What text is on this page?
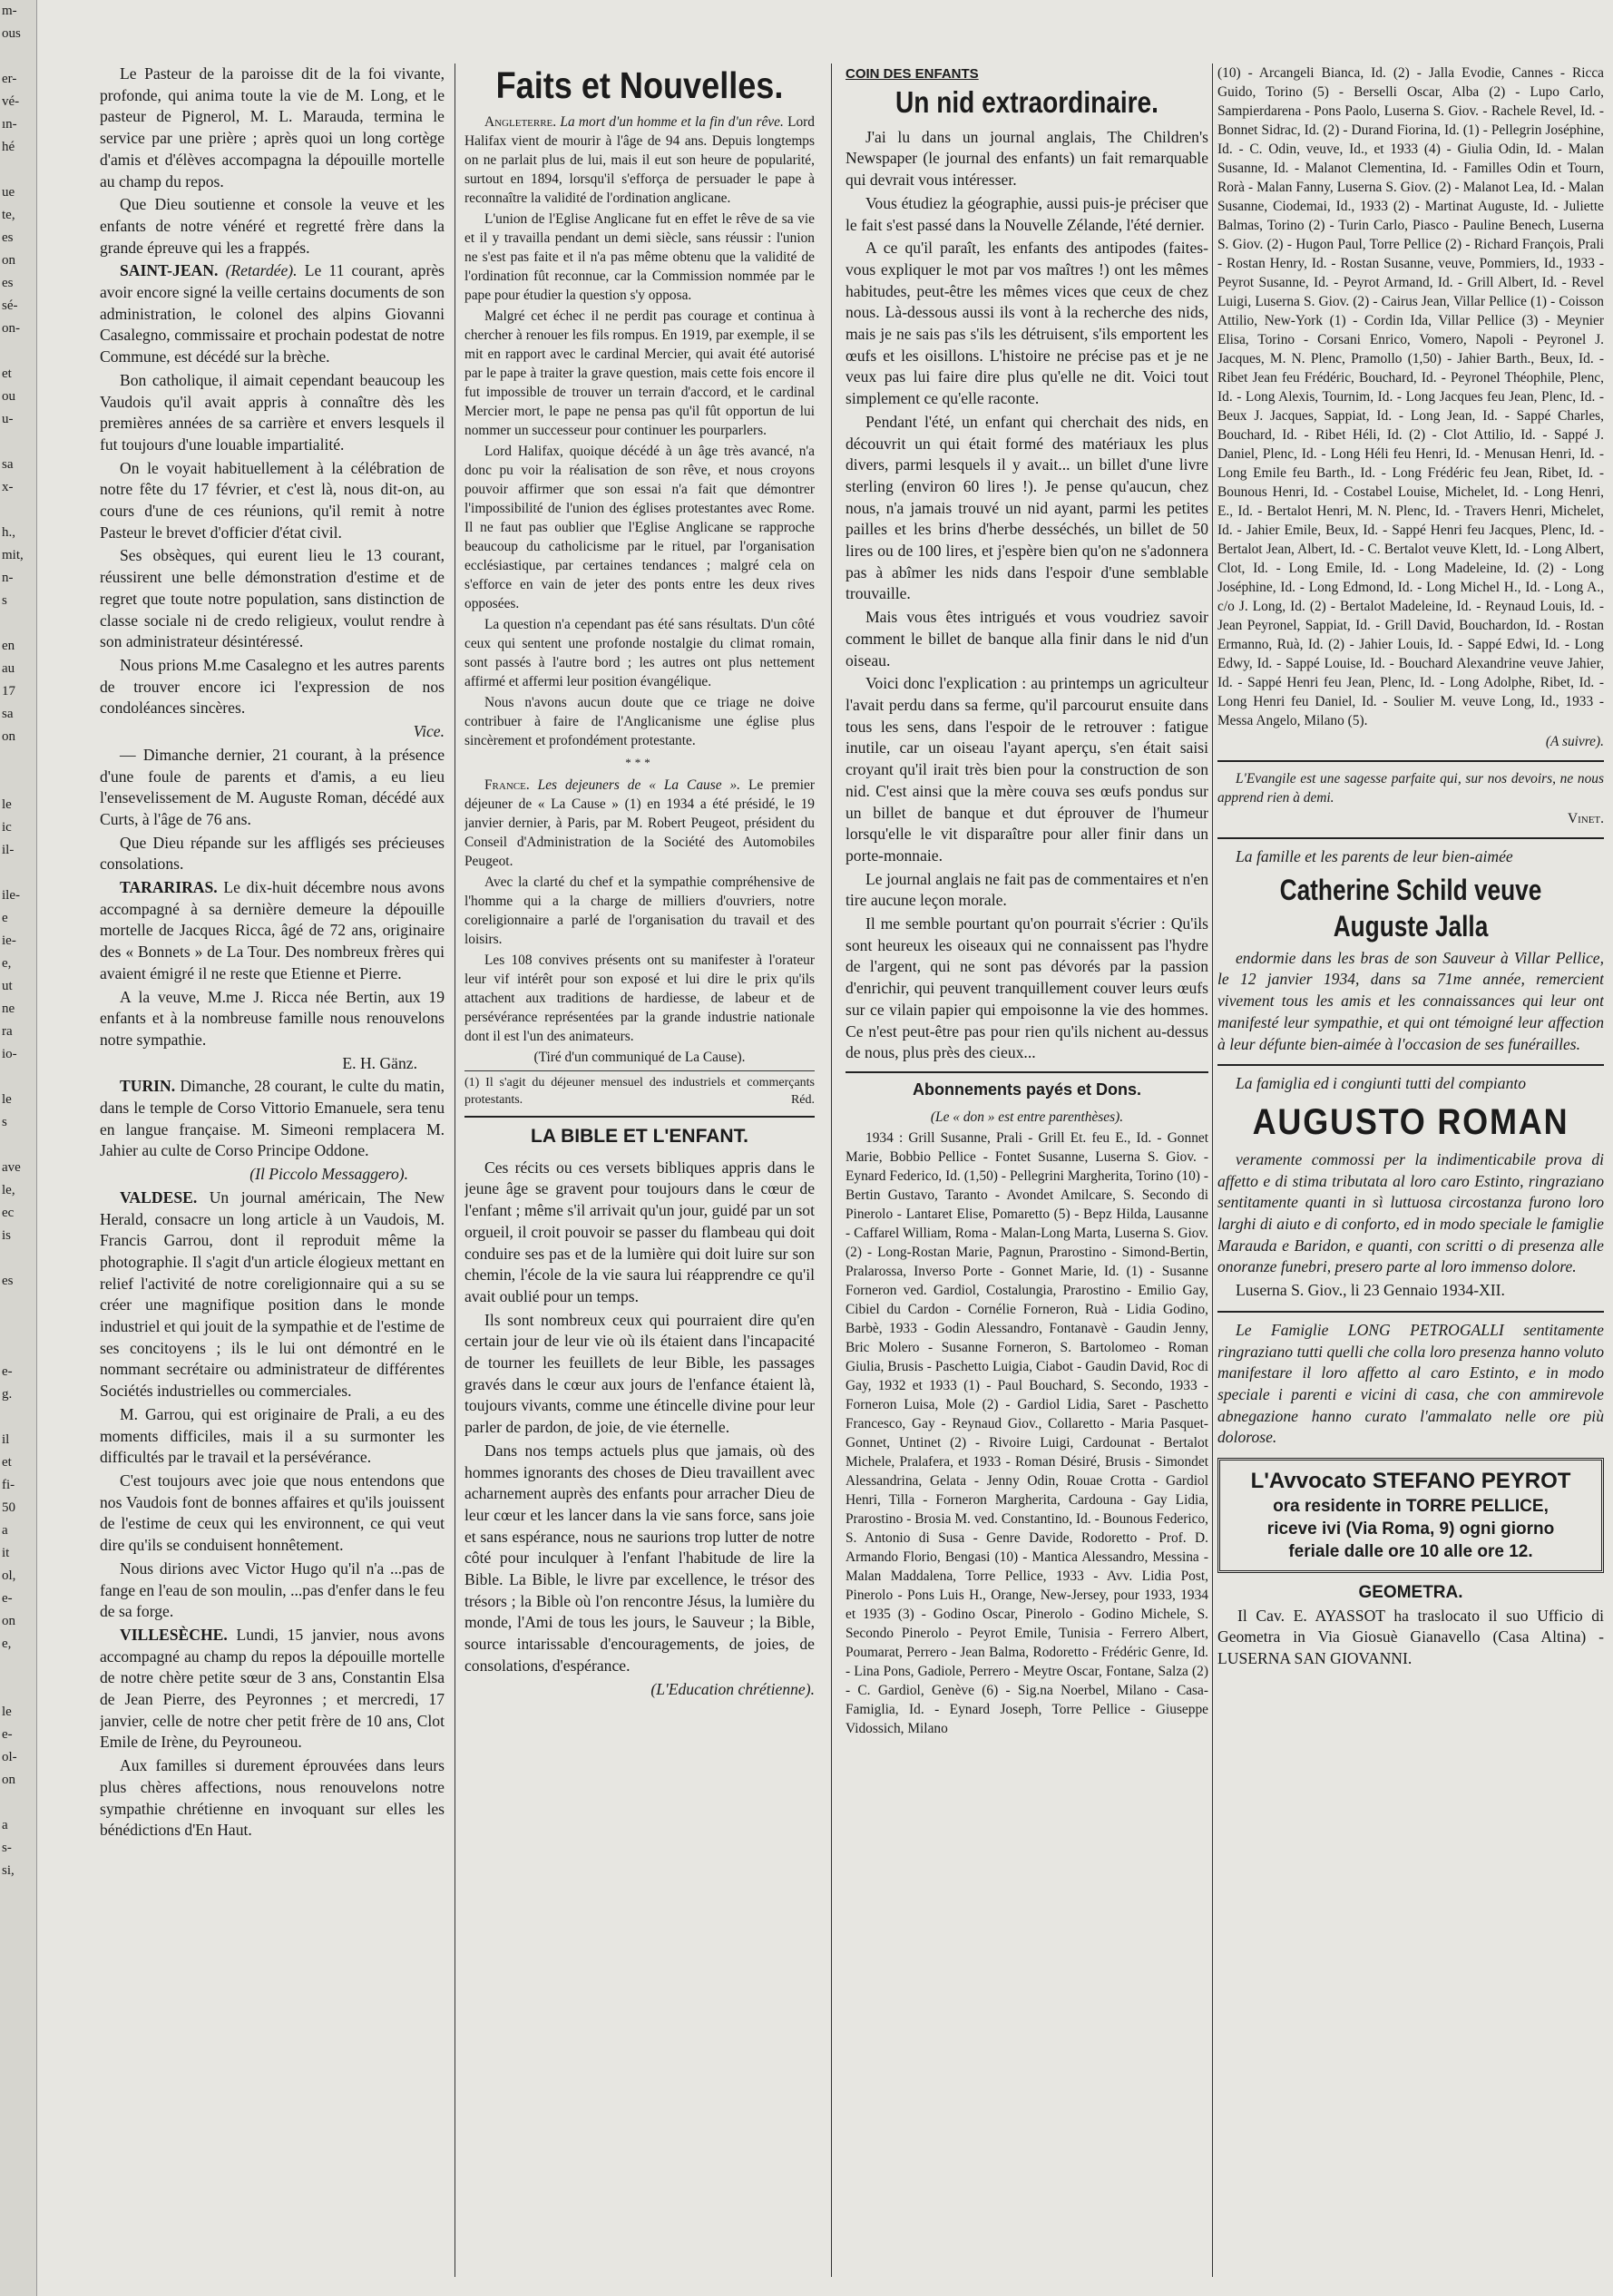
m-
ous

er-
vé-
ın-
hé

ue
te,
es
on
es
sé-
on-

et
ou
u-

sa
x-

h.,
mit,
n-
s

en
au
17
sa
on

le
ic
il-

ile-
e
ie-
e,
ut
ne
ra
io-

le
s

ave
le,
ec
is

es

e-
g.

il
et
fi-
50
a
it
ol,
e-
on
e,

le
e-
ol-
on

a
s-
si,

Le Pasteur de la paroisse dit de la foi vivante, profonde, qui anima toute la vie de M. Long, et le pasteur de Pignerol, M. L. Marauda, termina le service par une prière ; après quoi un long cortège d'amis et d'élèves accompagna la dépouille mortelle au champ du repos.

Que Dieu soutienne et console la veuve et les enfants de notre vénéré et regretté frère dans la grande épreuve qui les a frappés.

SAINT-JEAN. (Retardée). Le 11 courant, après avoir encore signé la veille certains documents de son administration, le colonel des alpins Giovanni Casalegno, commissaire et prochain podestat de notre Commune, est décédé sur la brèche.

Bon catholique, il aimait cependant beaucoup les Vaudois qu'il avait appris à connaître dès les premières années de sa carrière et envers lesquels il fut toujours d'une louable impartialité.

On le voyait habituellement à la célébration de notre fête du 17 février, et c'est là, nous dit-on, au cours d'une de ces réunions, qu'il remit à notre Pasteur le brevet d'officier d'état civil.

Ses obsèques, qui eurent lieu le 13 courant, réussirent une belle démonstration d'estime et de regret que toute notre population, sans distinction de classe sociale ni de credo religieux, voulut rendre à son administrateur désintéressé.

Nous prions M.me Casalegno et les autres parents de trouver encore ici l'expression de nos condoléances sincères.

Vice.

— Dimanche dernier, 21 courant, à la présence d'une foule de parents et d'amis, a eu lieu l'ensevelissement de M. Auguste Roman, décédé aux Curts, à l'âge de 76 ans.

Que Dieu répande sur les affligés ses précieuses consolations.

TARARIRAS. Le dix-huit décembre nous avons accompagné à sa dernière demeure la dépouille mortelle de Jacques Ricca, âgé de 72 ans, originaire des « Bonnets » de La Tour. Des nombreux frères qui avaient émigré il ne reste que Etienne et Pierre.

A la veuve, M.me J. Ricca née Bertin, aux 19 enfants et à la nombreuse famille nous renouvelons notre sympathie.

E. H. Gänz.

TURIN. Dimanche, 28 courant, le culte du matin, dans le temple de Corso Vittorio Emanuele, sera tenu en langue française. M. Simeoni remplacera M. Jahier au culte de Corso Principe Oddone.

(Il Piccolo Messaggero).

VALDESE. Un journal américain, The New Herald, consacre un long article à un Vaudois, M. Francis Garrou, dont il reproduit même la photographie. Il s'agit d'un article élogieux mettant en relief l'activité de notre coreligionnaire qui a su se créer une magnifique position dans le monde industriel et qui jouit de la sympathie et de l'estime de ses concitoyens ; ils le lui ont démontré en le nommant secrétaire ou administrateur de différentes Sociétés industrielles ou commerciales.

M. Garrou, qui est originaire de Prali, a eu des moments difficiles, mais il a su surmonter les difficultés par le travail et la persévérance.

C'est toujours avec joie que nous entendons que nos Vaudois font de bonnes affaires et qu'ils jouissent de l'estime de ceux qui les environnent, ce qui veut dire qu'ils se conduisent honnêtement.

Nous dirions avec Victor Hugo qu'il n'a ...pas de fange en l'eau de son moulin, ...pas d'enfer dans le feu de sa forge.

VILLESÈCHE. Lundi, 15 janvier, nous avons accompagné au champ du repos la dépouille mortelle de notre chère petite sœur de 3 ans, Constantin Elsa de Jean Pierre, des Peyronnes ; et mercredi, 17 janvier, celle de notre cher petit frère de 10 ans, Clot Emile de Irène, du Peyrouneou.

Aux familles si durement éprouvées dans leurs plus chères affections, nous renouvelons notre sympathie chrétienne en invoquant sur elles les bénédictions d'En Haut.

Faits et Nouvelles.

Angleterre. La mort d'un homme et la fin d'un rêve. Lord Halifax vient de mourir à l'âge de 94 ans. Depuis longtemps on ne parlait plus de lui, mais il eut son heure de popularité, surtout en 1894, lorsqu'il s'efforça de persuader le pape à reconnaître la validité de l'ordination anglicane.

L'union de l'Eglise Anglicane fut en effet le rêve de sa vie et il y travailla pendant un demi siècle, sans réussir : l'union ne s'est pas faite et il n'a pas même obtenu que la validité de l'ordination fût reconnue, car la Commission nommée par le pape pour étudier la question s'y opposa.

Malgré cet échec il ne perdit pas courage et continua à chercher à renouer les fils rompus. En 1919, par exemple, il se mit en rapport avec le cardinal Mercier, qui avait été autorisé par le pape à traiter la grave question, mais cette fois encore il fut impossible de trouver un terrain d'accord, et le cardinal Mercier mort, le pape ne pensa pas qu'il fût opportun de lui nommer un successeur pour continuer les pourparlers.

Lord Halifax, quoique décédé à un âge très avancé, n'a donc pu voir la réalisation de son rêve, et nous croyons pouvoir affirmer que son essai n'a fait que démontrer l'impossibilité de l'union des églises protestantes avec Rome. Il ne faut pas oublier que l'Eglise Anglicane se rapproche beaucoup du catholicisme par le rituel, par l'organisation ecclésiastique, par certaines tendances ; malgré cela on s'efforce en vain de jeter des ponts entre les deux rives opposées.

La question n'a cependant pas été sans résultats. D'un côté ceux qui sentent une profonde nostalgie du climat romain, sont passés à l'autre bord ; les autres ont plus nettement affirmé et affermi leur position évangélique.

Nous n'avons aucun doute que ce triage ne doive contribuer à faire de l'Anglicanisme une église plus sincèrement et profondément protestante.

***

France. Les dejeuners de « La Cause ». Le premier déjeuner de « La Cause » (1) en 1934 a été présidé, le 19 janvier dernier, à Paris, par M. Robert Peugeot, président du Conseil d'Administration de la Société des Automobiles Peugeot.

Avec la clarté du chef et la sympathie compréhensive de l'homme qui a la charge de milliers d'ouvriers, notre coreligionnaire a parlé de l'organisation du travail et des loisirs.

Les 108 convives présents ont su manifester à l'orateur leur vif intérêt pour son exposé et lui dire le prix qu'ils attachent aux traditions de hardiesse, de labeur et de persévérance représentées par la grande industrie nationale dont il est l'un des animateurs.

(Tiré d'un communiqué de La Cause).

(1) Il s'agit du déjeuner mensuel des industriels et commerçants protestants.	Réd.

LA BIBLE ET L'ENFANT.

Ces récits ou ces versets bibliques appris dans le jeune âge se gravent pour toujours dans le cœur de l'enfant ; même s'il arrivait qu'un jour, guidé par un sot orgueil, il croit pouvoir se passer du flambeau qui doit conduire ses pas et de la lumière qui doit luire sur son chemin, l'école de la vie saura lui réapprendre ce qu'il avait oublié pour un temps.

Ils sont nombreux ceux qui pourraient dire qu'en certain jour de leur vie où ils étaient dans l'incapacité de tourner les feuillets de leur Bible, les passages gravés dans le cœur aux jours de l'enfance étaient là, toujours vivants, comme une étincelle divine pour leur parler de pardon, de joie, de vie éternelle.

Dans nos temps actuels plus que jamais, où des hommes ignorants des choses de Dieu travaillent avec acharnement auprès des enfants pour arracher Dieu de leur cœur et les lancer dans la vie sans force, sans joie et sans espérance, nous ne saurions trop lutter de notre côté pour inculquer à l'enfant l'habitude de lire la Bible. La Bible, le livre par excellence, le trésor des trésors ; la Bible où l'on rencontre Jésus, la lumière du monde, l'Ami de tous les jours, le Sauveur ; la Bible, source intarissable d'encouragements, de joies, de consolations, d'espérance.

(L'Education chrétienne).

COIN DES ENFANTS

Un nid extraordinaire.

J'ai lu dans un journal anglais, The Children's Newspaper (le journal des enfants) un fait remarquable qui devrait vous intéresser.

Vous étudiez la géographie, aussi puis-je préciser que le fait s'est passé dans la Nouvelle Zélande, l'été dernier.

A ce qu'il paraît, les enfants des antipodes (faites-vous expliquer le mot par vos maîtres !) ont les mêmes habitudes, peut-être les mêmes vices que ceux de chez nous. Là-dessous aussi ils vont à la recherche des nids, mais je ne sais pas s'ils les détruisent, s'ils emportent les œufs et les oisillons. L'histoire ne précise pas et je ne veux pas lui faire dire plus qu'elle ne dit. Voici tout simplement ce qu'elle raconte.

Pendant l'été, un enfant qui cherchait des nids, en découvrit un qui était formé des matériaux les plus divers, parmi lesquels il y avait... un billet d'une livre sterling (environ 60 lires !). Je pense qu'aucun, chez nous, n'a jamais trouvé un nid ayant, parmi les petites pailles et les brins d'herbe desséchés, un billet de 50 lires ou de 100 lires, et j'espère bien qu'on ne s'adonnera pas à abîmer les nids dans l'espoir d'une semblable trouvaille.

Mais vous êtes intrigués et vous voudriez savoir comment le billet de banque alla finir dans le nid d'un oiseau.

Voici donc l'explication : au printemps un agriculteur l'avait perdu dans sa ferme, qu'il parcourut ensuite dans tous les sens, dans l'espoir de le retrouver : fatigue inutile, car un oiseau l'ayant aperçu, s'en était saisi croyant qu'il irait très bien pour la construction de son nid. C'est ainsi que la mère couva ses œufs pondus sur un billet de banque et dut éprouver de l'humeur lorsqu'elle le vit disparaître pour aller finir dans un porte-monnaie.

Le journal anglais ne fait pas de commentaires et n'en tire aucune leçon morale.

Il me semble pourtant qu'on pourrait s'écrier : Qu'ils sont heureux les oiseaux qui ne connaissent pas l'hydre de l'argent, qui ne sont pas dévorés par la passion d'enrichir, qui peuvent tranquillement couver leurs œufs sur ce vilain papier qui empoisonne la vie des hommes. Ce n'est peut-être pas pour rien qu'ils nichent au-dessus de nous, plus près des cieux...

Abonnements payés et Dons.

(Le « don » est entre parenthèses).

1934 : Grill Susanne, Prali - Grill Et. feu E., Id. - Gonnet Marie, Bobbio Pellice - Fontet Susanne, Luserna S. Giov. - Eynard Federico, Id. (1,50) - Pellegrini Margherita, Torino (10) - Bertin Gustavo, Taranto - Avondet Amilcare, S. Secondo di Pinerolo - Lantaret Elise, Pomaretto (5) - Bepz Hilda, Lausanne - Caffarel William, Roma - Malan-Long Marta, Luserna S. Giov. (2) - Long-Rostan Marie, Pagnun, Prarostino - Simond-Bertin, Pralarossa, Inverso Porte - Gonnet Marie, Id. (1) - Susanne Forneron ved. Gardiol, Costalungia, Prarostino - Emilio Gay, Cibiel du Cardon - Cornélie Forneron, Ruà - Lidia Godino, Barbè, 1933 - Godin Alessandro, Fontanavè - Gaudin Jenny, Bric Molero - Susanne Forneron, S. Bartolomeo - Roman Giulia, Brusis - Paschetto Luigia, Ciabot - Gaudin David, Roc di Gay, 1932 et 1933 (1) - Paul Bouchard, S. Secondo, 1933 - Forneron Luisa, Mole (2) - Gardiol Lidia, Saret - Paschetto Francesco, Gay - Reynaud Giov., Collaretto - Maria Pasquet-Gonnet, Untinet (2) - Rivoire Luigi, Cardounat - Bertalot Michele, Pralafera, et 1933 - Roman Désiré, Brusis - Simondet Alessandrina, Gelata - Jenny Odin, Rouae Crotta - Gardiol Henri, Tilla - Forneron Margherita, Cardouna - Gay Lidia, Prarostino - Brosia M. ved. Constantino, Id. - Bounous Federico, S. Antonio di Susa - Genre Davide, Rodoretto - Prof. D. Armando Florio, Bengasi (10) - Mantica Alessandro, Messina - Malan Maddalena, Torre Pellice, 1933 - Avv. Lidia Post, Pinerolo - Pons Luis H., Orange, New-Jersey, pour 1933, 1934 et 1935 (3) - Godino Oscar, Pinerolo - Godino Michele, S. Secondo Pinerolo - Peyrot Emile, Tunisia - Ferrero Albert, Poumarat, Perrero - Jean Balma, Rodoretto - Frédéric Genre, Id. - Lina Pons, Gadiole, Perrero - Meytre Oscar, Fontane, Salza (2) - C. Gardiol, Genève (6) - Sig.na Noerbel, Milano - Casa-Famiglia, Id. - Eynard Joseph, Torre Pellice - Giuseppe Vidossich, Milano

(10) - Arcangeli Bianca, Id. (2) - Jalla Evodie, Cannes - Ricca Guido, Torino (5) - Berselli Oscar, Alba (2) - Lupo Carlo, Sampierdarena - Pons Paolo, Luserna S. Giov. - Rachele Revel, Id. - Bonnet Sidrac, Id. (2) - Durand Fiorina, Id. (1) - Pellegrin Joséphine, Id. - C. Odin, veuve, Id., et 1933 (4) - Giulia Odin, Id. - Malan Susanne, Id. - Malanot Clementina, Id. - Familles Odin et Tourn, Rorà - Malan Fanny, Luserna S. Giov. (2) - Malanot Lea, Id. - Malan Susanne, Ciodemai, Id., 1933 (2) - Martinat Auguste, Id. - Juliette Balmas, Torino (2) - Turin Carlo, Piasco - Pauline Benech, Luserna S. Giov. (2) - Hugon Paul, Torre Pellice (2) - Richard François, Prali - Rostan Henry, Id. - Rostan Susanne, veuve, Pommiers, Id., 1933 - Peyrot Susanne, Id. - Peyrot Armand, Id. - Grill Albert, Id. - Revel Luigi, Luserna S. Giov. (2) - Cairus Jean, Villar Pellice (1) - Coisson Attilio, New-York (1) - Cordin Ida, Villar Pellice (3) - Meynier Elisa, Torino - Corsani Enrico, Vomero, Napoli - Peyronel J. Jacques, M. N. Plenc, Pramollo (1,50) - Jahier Barth., Beux, Id. - Ribet Jean feu Frédéric, Bouchard, Id. - Peyronel Théophile, Plenc, Id. - Long Alexis, Tournim, Id. - Long Jacques feu Jean, Plenc, Id. - Beux J. Jacques, Sappiat, Id. - Long Jean, Id. - Sappé Charles, Bouchard, Id. - Ribet Héli, Id. (2) - Clot Attilio, Id. - Sappé J. Daniel, Plenc, Id. - Long Héli feu Henri, Id. - Menusan Henri, Id. - Long Emile feu Barth., Id. - Long Frédéric feu Jean, Ribet, Id. - Bounous Henri, Id. - Costabel Louise, Michelet, Id. - Long Henri, E., Id. - Bertalot Henri, M. N. Plenc, Id. - Travers Henri, Michelet, Id. - Jahier Emile, Beux, Id. - Sappé Henri feu Jacques, Plenc, Id. - Bertalot Jean, Albert, Id. - C. Bertalot veuve Klett, Id. - Long Albert, Clot, Id. - Long Emile, Id. - Long Madeleine, Id. (2) - Long Joséphine, Id. - Long Edmond, Id. - Long Michel H., Id. - Long A., c/o J. Long, Id. (2) - Bertalot Madeleine, Id. - Reynaud Louis, Id. - Jean Peyronel, Sappiat, Id. - Grill David, Bouchardon, Id. - Rostan Ermanno, Ruà, Id. (2) - Jahier Louis, Id. - Sappé Edwi, Id. - Long Edwy, Id. - Sappé Louise, Id. - Bouchard Alexandrine veuve Jahier, Id. - Sappé Henri feu Jean, Plenc, Id. - Long Adolphe, Ribet, Id. - Long Henri feu Daniel, Id. - Soulier M. veuve Long, Id., 1933 - Messa Angelo, Milano (5).

(A suivre).

L'Evangile est une sagesse parfaite qui, sur nos devoirs, ne nous apprend rien à demi.

Vinet.

La famille et les parents de leur bien-aimée

Catherine Schild veuve Auguste Jalla

endormie dans les bras de son Sauveur à Villar Pellice, le 12 janvier 1934, dans sa 71me année, remercient vivement tous les amis et les connaissances qui leur ont manifesté leur sympathie, et qui ont témoigné leur affection à leur défunte bien-aimée à l'occasion de ses funérailles.

La famiglia ed i congiunti tutti del compianto

AUGUSTO ROMAN

veramente commossi per la indimenticabile prova di affetto e di stima tributata al loro caro Estinto, ringraziano sentitamente quanti in sì luttuosa circostanza furono loro larghi di aiuto e di conforto, ed in modo speciale le famiglie Marauda e Baridon, e quanti, con scritti o di presenza alle onoranze funebri, presero parte al loro immenso dolore.

Luserna S. Giov., li 23 Gennaio 1934-XII.

Le Famiglie LONG PETROGALLI sentitamente ringraziano tutti quelli che colla loro presenza hanno voluto manifestare il loro affetto al caro Estinto, e in modo speciale i parenti e vicini di casa, che con ammirevole abnegazione hanno curato l'ammalato nelle ore più dolorose.

L'Avvocato STEFANO PEYROT
ora residente in TORRE PELLICE,
riceve ivi (Via Roma, 9) ogni giorno
feriale dalle ore 10 alle ore 12.
GEOMETRA.

Il Cav. E. AYASSOT ha traslocato il suo Ufficio di Geometra in Via Giosuè Gianavello (Casa Altina) - LUSERNA SAN GIOVANNI.
